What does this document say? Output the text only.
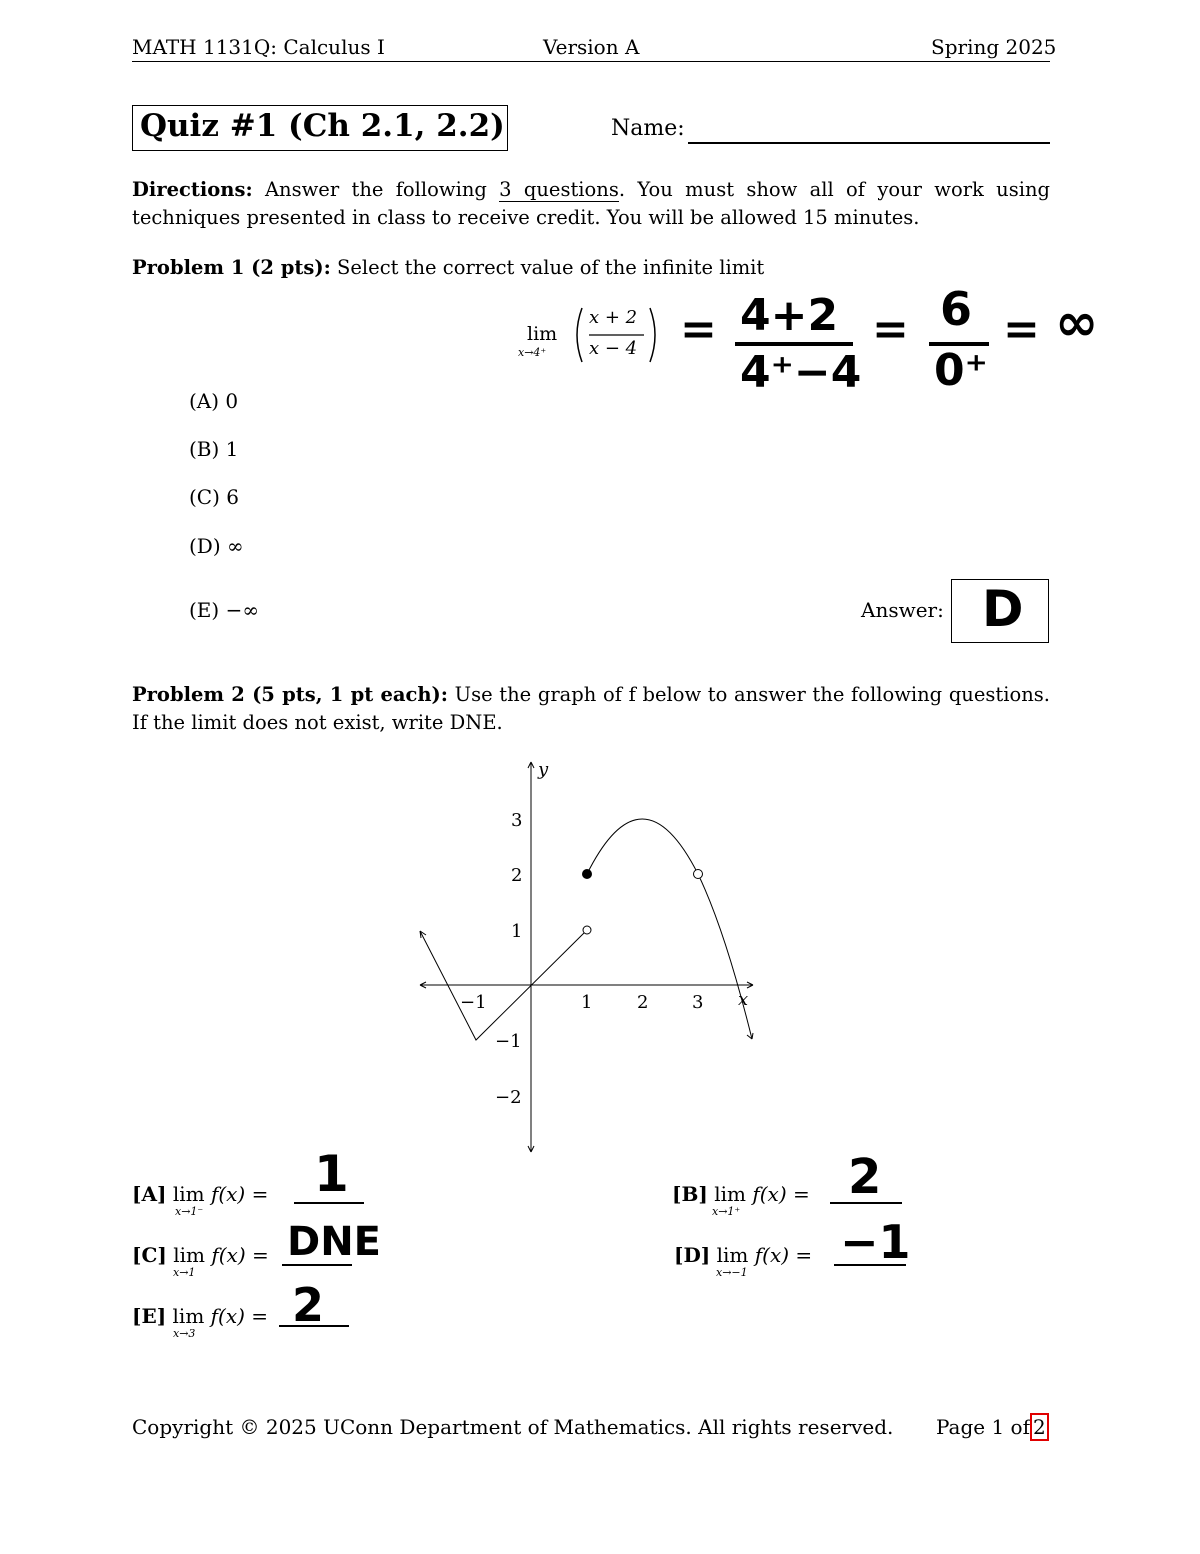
MATH 1131Q: Calculus I	Version A	Spring 2025
Quiz #1 (Ch 2.1, 2.2)	Name:
Directions: Answer the following 3 questions. You must show all of your work using techniques presented in class to receive credit. You will be allowed 15 minutes.
Problem 1 (2 pts): Select the correct value of the infinite limit
lim
x→4⁺
x + 2
x − 4 = 4+2
4⁺−4
= 6
0⁺
= ∞
(A) 0
(B) 1
(C) 6
(D) ∞
(E) −∞	Answer: D
Problem 2 (5 pts, 1 pt each): Use the graph of f below to answer the following questions. If the limit does not exist, write DNE.
y
x
−1	1 2 3
3
2
1
−1
−2
[A] lim f(x) =
x→1⁻
1	[B] lim f(x) =
x→1⁺
2
[C] lim f(x) =
x→1
DNE	[D] lim f(x) =
x→−1
−1
[E] lim f(x) =
x→3
2
Copyright © 2025 UConn Department of Mathematics. All rights reserved. Page 1 of 2
